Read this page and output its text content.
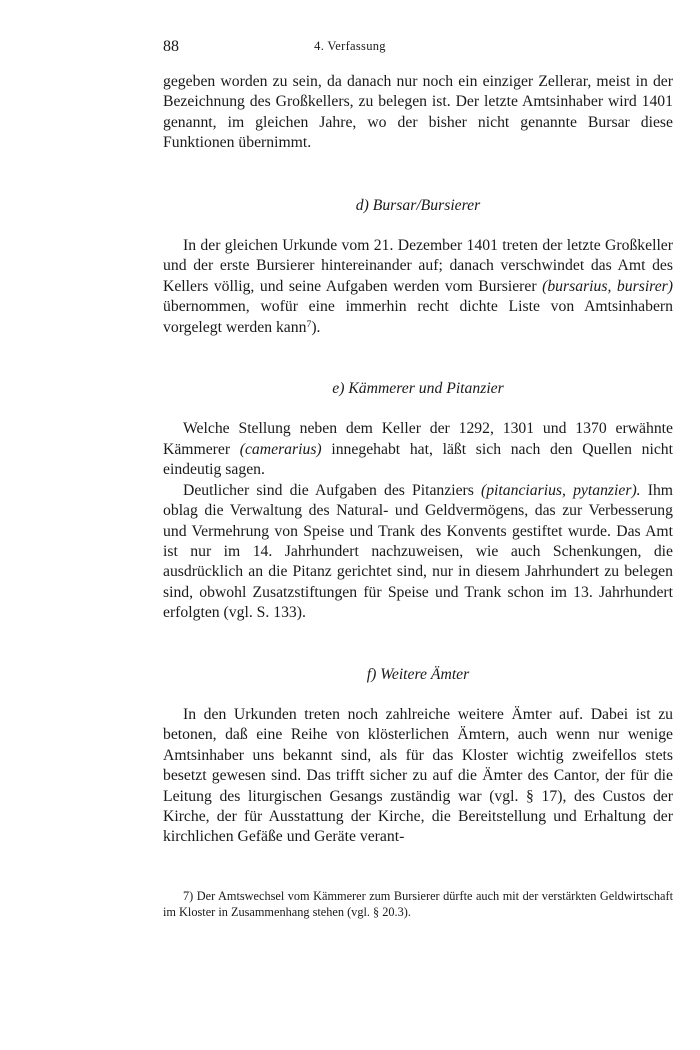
88	4. Verfassung

gegeben worden zu sein, da danach nur noch ein einziger Zellerar, meist in der Bezeichnung des Großkellers, zu belegen ist. Der letzte Amtsinhaber wird 1401 genannt, im gleichen Jahre, wo der bisher nicht genannte Bursar diese Funktionen übernimmt.

d) Bursar/Bursierer

In der gleichen Urkunde vom 21. Dezember 1401 treten der letzte Großkeller und der erste Bursierer hintereinander auf; danach verschwindet das Amt des Kellers völlig, und seine Aufgaben werden vom Bursierer (bursarius, bursirer) übernommen, wofür eine immerhin recht dichte Liste von Amtsinhabern vorgelegt werden kann$^7$).

e) Kämmerer und Pitanzier

Welche Stellung neben dem Keller der 1292, 1301 und 1370 erwähnte Kämmerer (camerarius) innegehabt hat, läßt sich nach den Quellen nicht eindeutig sagen.

Deutlicher sind die Aufgaben des Pitanziers (pitanciarius, pytanzier). Ihm oblag die Verwaltung des Natural- und Geldvermögens, das zur Verbesserung und Vermehrung von Speise und Trank des Konvents gestiftet wurde. Das Amt ist nur im 14. Jahrhundert nachzuweisen, wie auch Schenkungen, die ausdrücklich an die Pitanz gerichtet sind, nur in diesem Jahrhundert zu belegen sind, obwohl Zusatzstiftungen für Speise und Trank schon im 13. Jahrhundert erfolgten (vgl. S. 133).

f) Weitere Ämter

In den Urkunden treten noch zahlreiche weitere Ämter auf. Dabei ist zu betonen, daß eine Reihe von klösterlichen Ämtern, auch wenn nur wenige Amtsinhaber uns bekannt sind, als für das Kloster wichtig zweifellos stets besetzt gewesen sind. Das trifft sicher zu auf die Ämter des Cantor, der für die Leitung des liturgischen Gesangs zuständig war (vgl. § 17), des Custos der Kirche, der für Ausstattung der Kirche, die Bereitstellung und Erhaltung der kirchlichen Gefäße und Geräte verant-

7) Der Amtswechsel vom Kämmerer zum Bursierer dürfte auch mit der verstärkten Geldwirtschaft im Kloster in Zusammenhang stehen (vgl. § 20.3).
